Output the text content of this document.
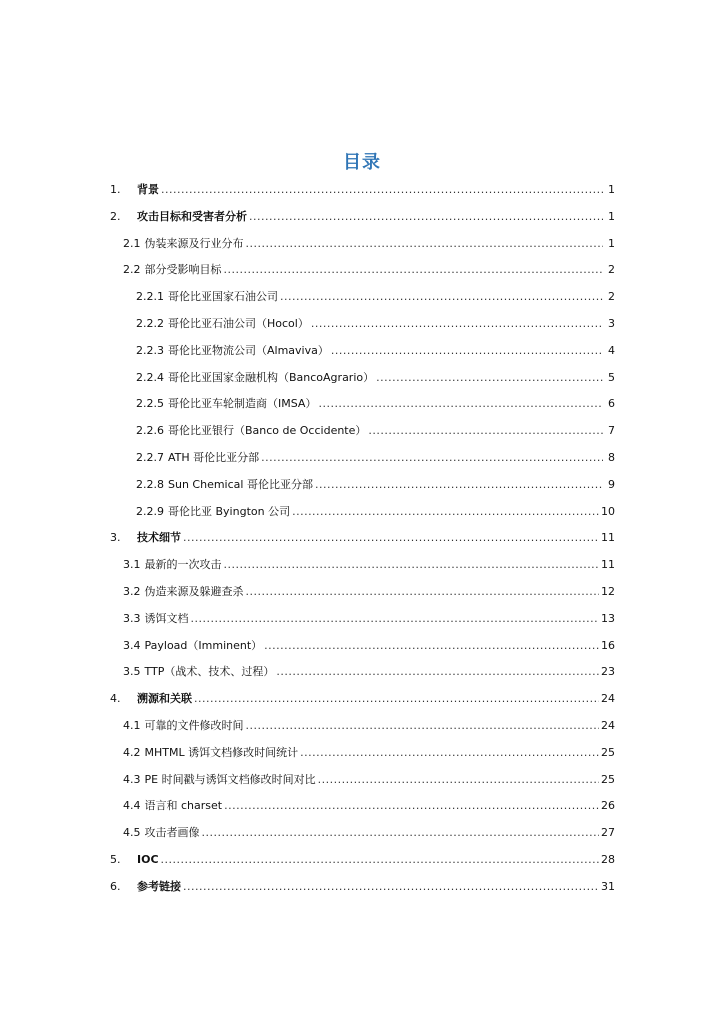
目录
1.	背景 .....	1
2.	攻击目标和受害者分析 .....	1
2.1 伪装来源及行业分布 .....	1
2.2 部分受影响目标 .....	2
2.2.1 哥伦比亚国家石油公司 .....	2
2.2.2 哥伦比亚石油公司（Hocol） .....	3
2.2.3 哥伦比亚物流公司（Almaviva） .....	4
2.2.4 哥伦比亚国家金融机构（BancoAgrario） .....	5
2.2.5 哥伦比亚车轮制造商（IMSA） .....	6
2.2.6 哥伦比亚银行（Banco de Occidente） .....	7
2.2.7 ATH 哥伦比亚分部 .....	8
2.2.8 Sun Chemical 哥伦比亚分部 .....	9
2.2.9 哥伦比亚 Byington 公司 .....	10
3.	技术细节 .....	11
3.1 最新的一次攻击 .....	11
3.2 伪造来源及躲避查杀 .....	12
3.3 诱饵文档 .....	13
3.4 Payload（Imminent） .....	16
3.5 TTP（战术、技术、过程） .....	23
4.	溯源和关联 .....	24
4.1 可靠的文件修改时间 .....	24
4.2 MHTML 诱饵文档修改时间统计 .....	25
4.3 PE 时间戳与诱饵文档修改时间对比 .....	25
4.4 语言和 charset .....	26
4.5 攻击者画像 .....	27
5.	IOC .....	28
6.	参考链接 .....	31
